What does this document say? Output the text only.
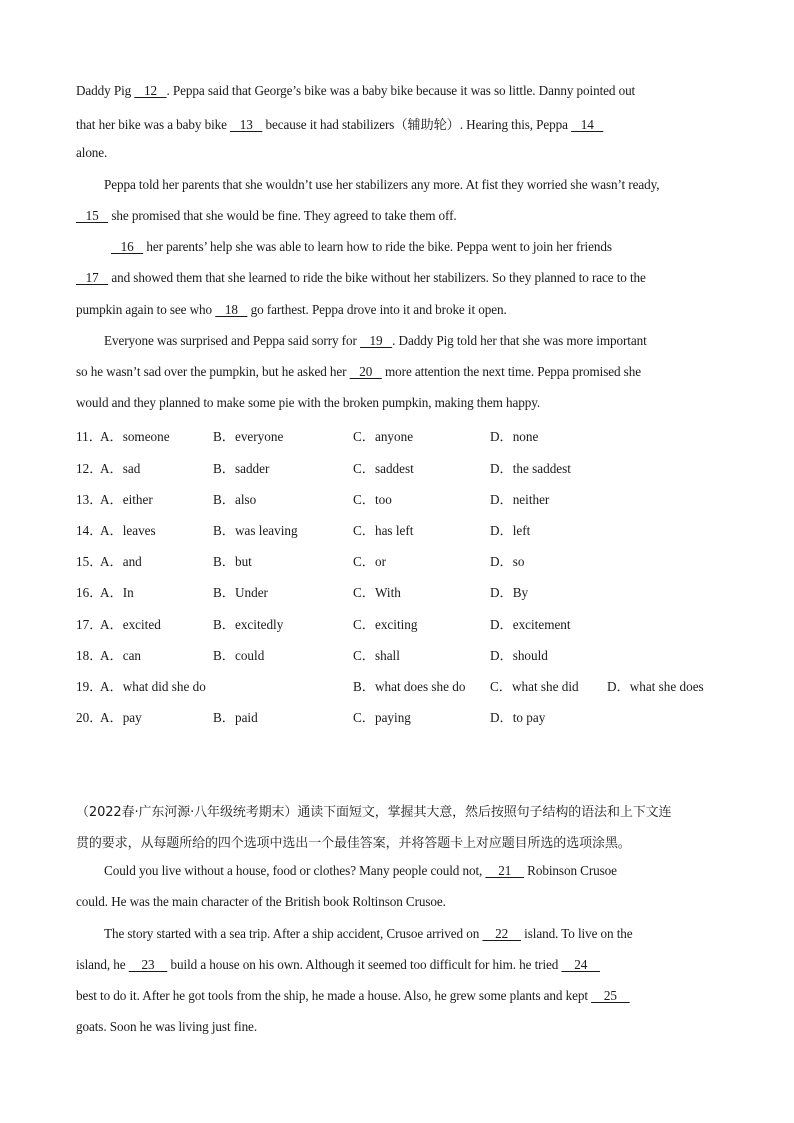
Daddy Pig    12   . Peppa said that George’s bike was a baby bike because it was so little. Danny pointed out
that her bike was a baby bike    13    because it had stabilizers（辅助轮）. Hearing this, Peppa    14
alone.
Peppa told her parents that she wouldn’t use her stabilizers any more. At fist they worried she wasn’t ready,
15    she promised that she would be fine. They agreed to take them off.
16    her parents’ help she was able to learn how to ride the bike. Peppa went to join her friends
17    and showed them that she learned to ride the bike without her stabilizers. So they planned to race to the
pumpkin again to see who    18    go farthest. Peppa drove into it and broke it open.
Everyone was surprised and Peppa said sorry for    19   . Daddy Pig told her that she was more important
so he wasn’t sad over the pumpkin, but he asked her    20    more attention the next time. Peppa promised she
would and they planned to make some pie with the broken pumpkin, making them happy.
11．
A．someone	B．everyone	C．anyone	D．none
12．
A．sad	B．sadder	C．saddest	D．the saddest
13．
A．either	B．also	C．too	D．neither
14．
A．leaves	B．was leaving	C．has left	D．left
15．
A．and	B．but	C．or	D．so
16．
A．In	B．Under	C．With	D．By
17．
A．excited	B．excitedly	C．exciting	D．excitement
18．
A．can	B．could	C．shall	D．should
19．
A．what did she do	B．what does she do C．what she did D．what she does
20．
A．pay	B．paid	C．paying	D．to pay
（2022春·广东河源·八年级统考期末）通读下面短文，掌握其大意，然后按照句子结构的语法和上下文连
贯的要求，从每题所给的四个选项中选出一个最佳答案，并将答题卡上对应题目所选的选项涂黑。
Could you live without a house, food or clothes? Many people could not,     21     Robinson Crusoe
could. He was the main character of the British book Roltinson Crusoe.
The story started with a sea trip. After a ship accident, Crusoe arrived on     22     island. To live on the
island, he     23     build a house on his own. Although it seemed too difficult for him. he tried     24
best to do it. After he got tools from the ship, he made a house. Also, he grew some plants and kept     25
goats. Soon he was living just fine.
